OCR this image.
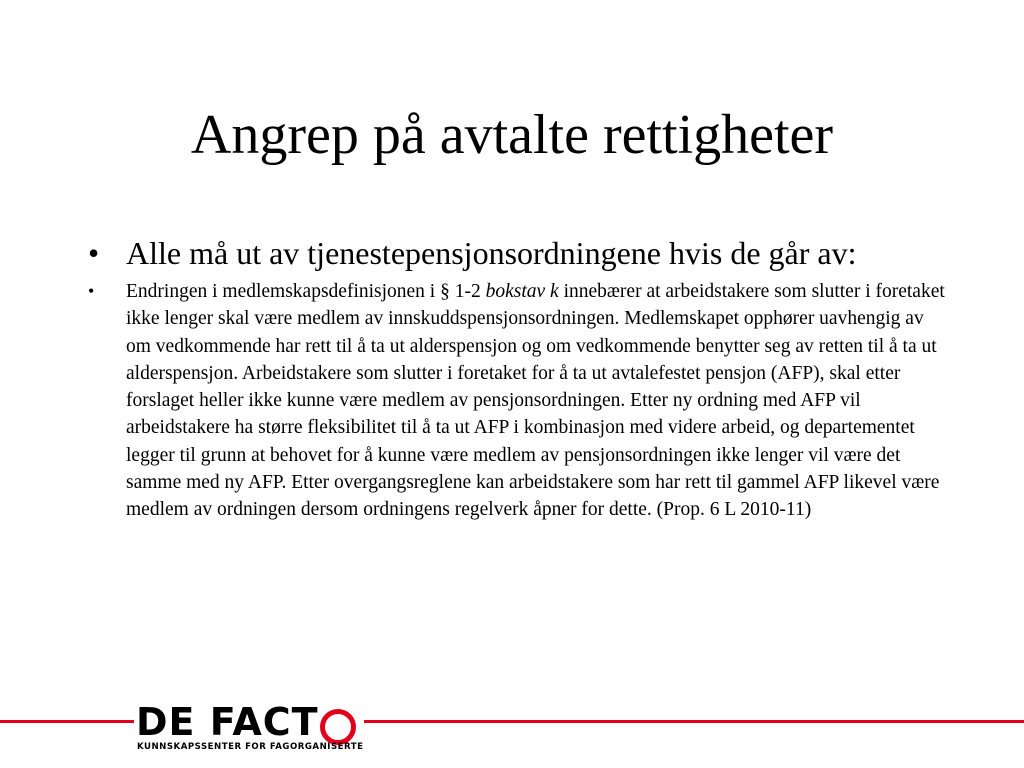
Angrep på avtalte rettigheter
• Alle må ut av tjenestepensjonsordningene hvis de går av:
• Endringen i medlemskapsdefinisjonen i § 1-2 bokstav k innebærer at arbeidstakere som slutter i foretaket ikke lenger skal være medlem av innskuddspensjonsordningen. Medlemskapet opphører uavhengig av om vedkommende har rett til å ta ut alderspensjon og om vedkommende benytter seg av retten til å ta ut alderspensjon. Arbeidstakere som slutter i foretaket for å ta ut avtalefestet pensjon (AFP), skal etter forslaget heller ikke kunne være medlem av pensjonsordningen. Etter ny ordning med AFP vil arbeidstakere ha større fleksibilitet til å ta ut AFP i kombinasjon med videre arbeid, og departementet legger til grunn at behovet for å kunne være medlem av pensjonsordningen ikke lenger vil være det samme med ny AFP. Etter overgangsreglene kan arbeidstakere som har rett til gammel AFP likevel være medlem av ordningen dersom ordningens regelverk åpner for dette. (Prop. 6 L 2010-11)
DE FACT
KUNNSKAPSSENTER FOR FAGORGANISERTE
